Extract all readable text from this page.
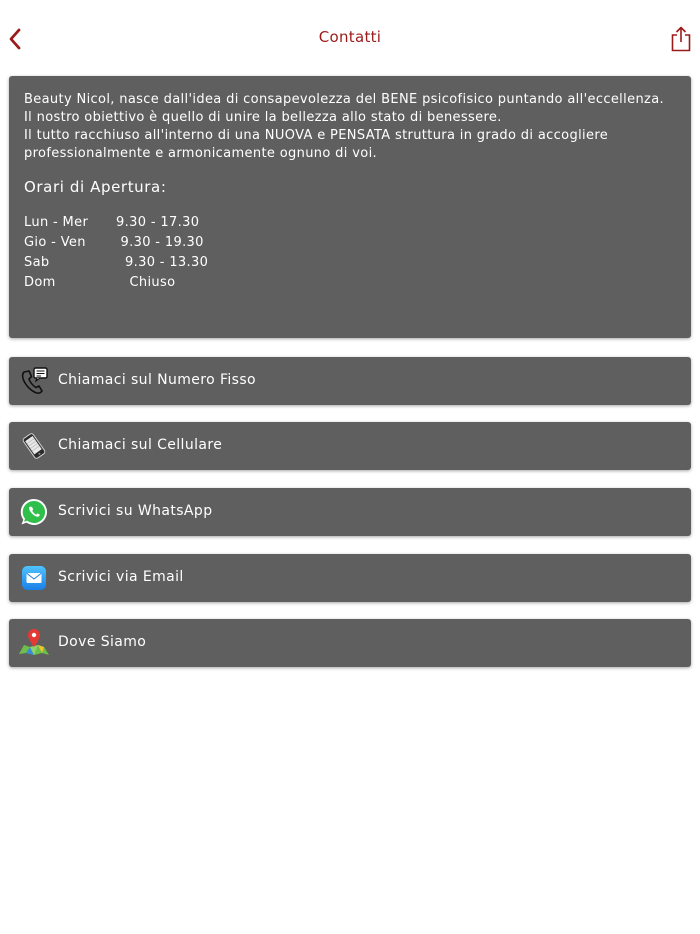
Contatti

Beauty Nicol, nasce dall'idea di consapevolezza del BENE psicofisico puntando all'eccellenza.

Il nostro obiettivo è quello di unire la bellezza allo stato di benessere.

Il tutto racchiuso all'interno di una NUOVA e PENSATA struttura in grado di accogliere professionalmente e armonicamente ognuno di voi.

Orari di Apertura:
Lun - Mer	9.30 - 17.30
Gio - Ven	9.30 - 19.30
Sab	9.30 - 13.30
Dom	Chiuso
Chiamaci sul Numero Fisso
Chiamaci sul Cellulare
Scrivici su WhatsApp
Scrivici via Email
Dove Siamo
